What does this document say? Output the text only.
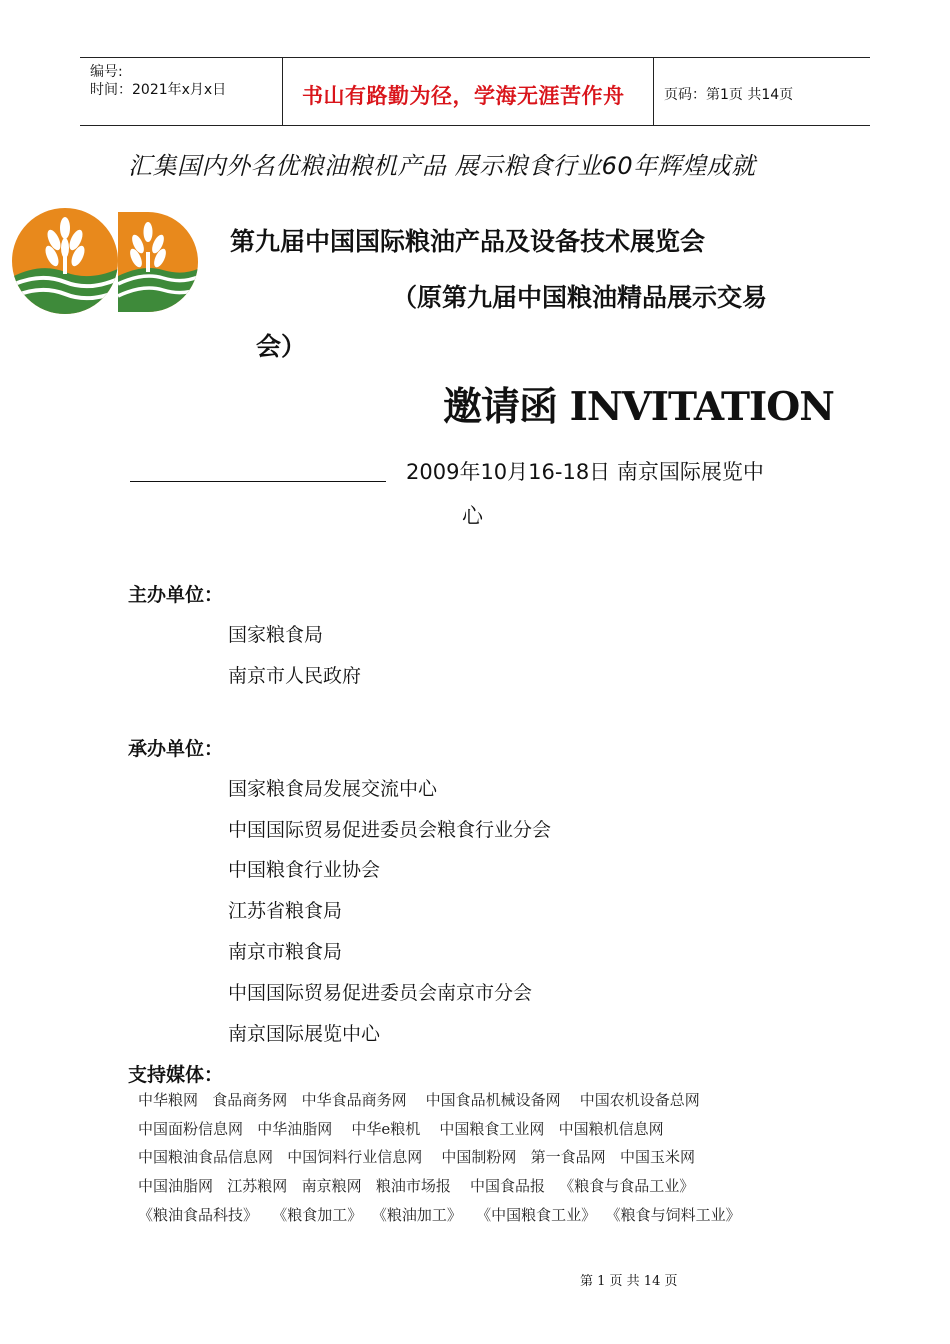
编号:
时间：2021年x月x日	书山有路勤为径，学海无涯苦作舟	页码：第1页 共14页
汇集国内外名优粮油粮机产品 展示粮食行业60年辉煌成就
第九届中国国际粮油产品及设备技术展览会
（原第九届中国粮油精品展示交易
会）
邀请函 INVITATION
2009年10月16-18日 南京国际展览中
心
主办单位：
国家粮食局
南京市人民政府
承办单位：
国家粮食局发展交流中心
中国国际贸易促进委员会粮食行业分会
中国粮食行业协会
江苏省粮食局
南京市粮食局
中国国际贸易促进委员会南京市分会
南京国际展览中心
支持媒体：
中华粮网   食品商务网   中华食品商务网    中国食品机械设备网    中国农机设备总网
中国面粉信息网   中华油脂网    中华e粮机    中国粮食工业网   中国粮机信息网
中国粮油食品信息网   中国饲料行业信息网    中国制粉网   第一食品网   中国玉米网
中国油脂网   江苏粮网   南京粮网   粮油市场报    中国食品报   《粮食与食品工业》
《粮油食品科技》   《粮食加工》  《粮油加工》   《中国粮食工业》  《粮食与饲料工业》
第 1 页 共 14 页
